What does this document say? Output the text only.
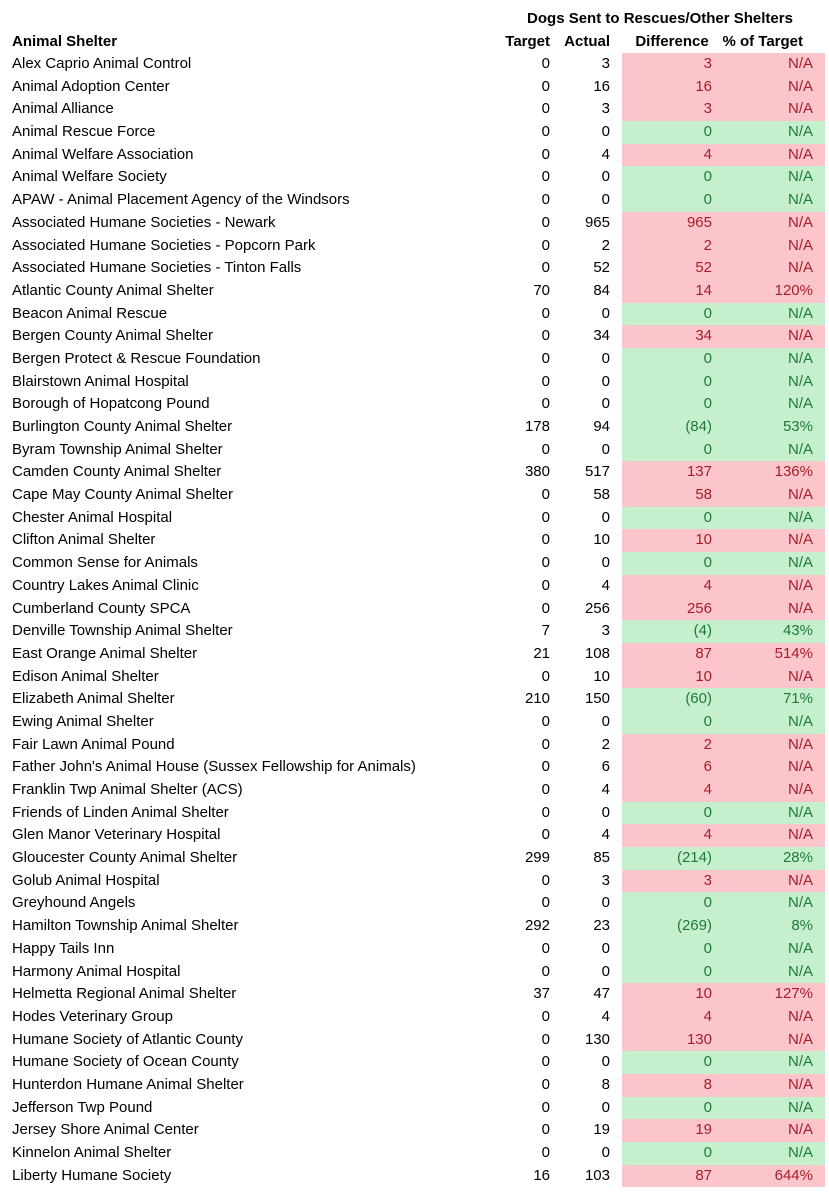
Dogs Sent to Rescues/Other Shelters
Animal Shelter	Target Actual	Difference % of Target
Alex Caprio Animal Control	0	3	3	N/A
Animal Adoption Center	0	16	16	N/A
Animal Alliance	0	3	3	N/A
Animal Rescue Force	0	0	0	N/A
Animal Welfare Association	0	4	4	N/A
Animal Welfare Society	0	0	0	N/A
APAW - Animal Placement Agency of the Windsors	0	0	0	N/A
Associated Humane Societies - Newark	0	965	965	N/A
Associated Humane Societies - Popcorn Park	0	2	2	N/A
Associated Humane Societies - Tinton Falls	0	52	52	N/A
Atlantic County Animal Shelter	70	84	14	120%
Beacon Animal Rescue	0	0	0	N/A
Bergen County Animal Shelter	0	34	34	N/A
Bergen Protect & Rescue Foundation	0	0	0	N/A
Blairstown Animal Hospital	0	0	0	N/A
Borough of Hopatcong Pound	0	0	0	N/A
Burlington County Animal Shelter	178	94	(84)	53%
Byram Township Animal Shelter	0	0	0	N/A
Camden County Animal Shelter	380	517	137	136%
Cape May County Animal Shelter	0	58	58	N/A
Chester Animal Hospital	0	0	0	N/A
Clifton Animal Shelter	0	10	10	N/A
Common Sense for Animals	0	0	0	N/A
Country Lakes Animal Clinic	0	4	4	N/A
Cumberland County SPCA	0	256	256	N/A
Denville Township Animal Shelter	7	3	(4)	43%
East Orange Animal Shelter	21	108	87	514%
Edison Animal Shelter	0	10	10	N/A
Elizabeth Animal Shelter	210	150	(60)	71%
Ewing Animal Shelter	0	0	0	N/A
Fair Lawn Animal Pound	0	2	2	N/A
Father John's Animal House (Sussex Fellowship for Animals)	0	6	6	N/A
Franklin Twp Animal Shelter (ACS)	0	4	4	N/A
Friends of Linden Animal Shelter	0	0	0	N/A
Glen Manor Veterinary Hospital	0	4	4	N/A
Gloucester County Animal Shelter	299	85	(214)	28%
Golub Animal Hospital	0	3	3	N/A
Greyhound Angels	0	0	0	N/A
Hamilton Township Animal Shelter	292	23	(269)	8%
Happy Tails Inn	0	0	0	N/A
Harmony Animal Hospital	0	0	0	N/A
Helmetta Regional Animal Shelter	37	47	10	127%
Hodes Veterinary Group	0	4	4	N/A
Humane Society of Atlantic County	0	130	130	N/A
Humane Society of Ocean County	0	0	0	N/A
Hunterdon Humane Animal Shelter	0	8	8	N/A
Jefferson Twp Pound	0	0	0	N/A
Jersey Shore Animal Center	0	19	19	N/A
Kinnelon Animal Shelter	0	0	0	N/A
Liberty Humane Society	16	103	87	644%
